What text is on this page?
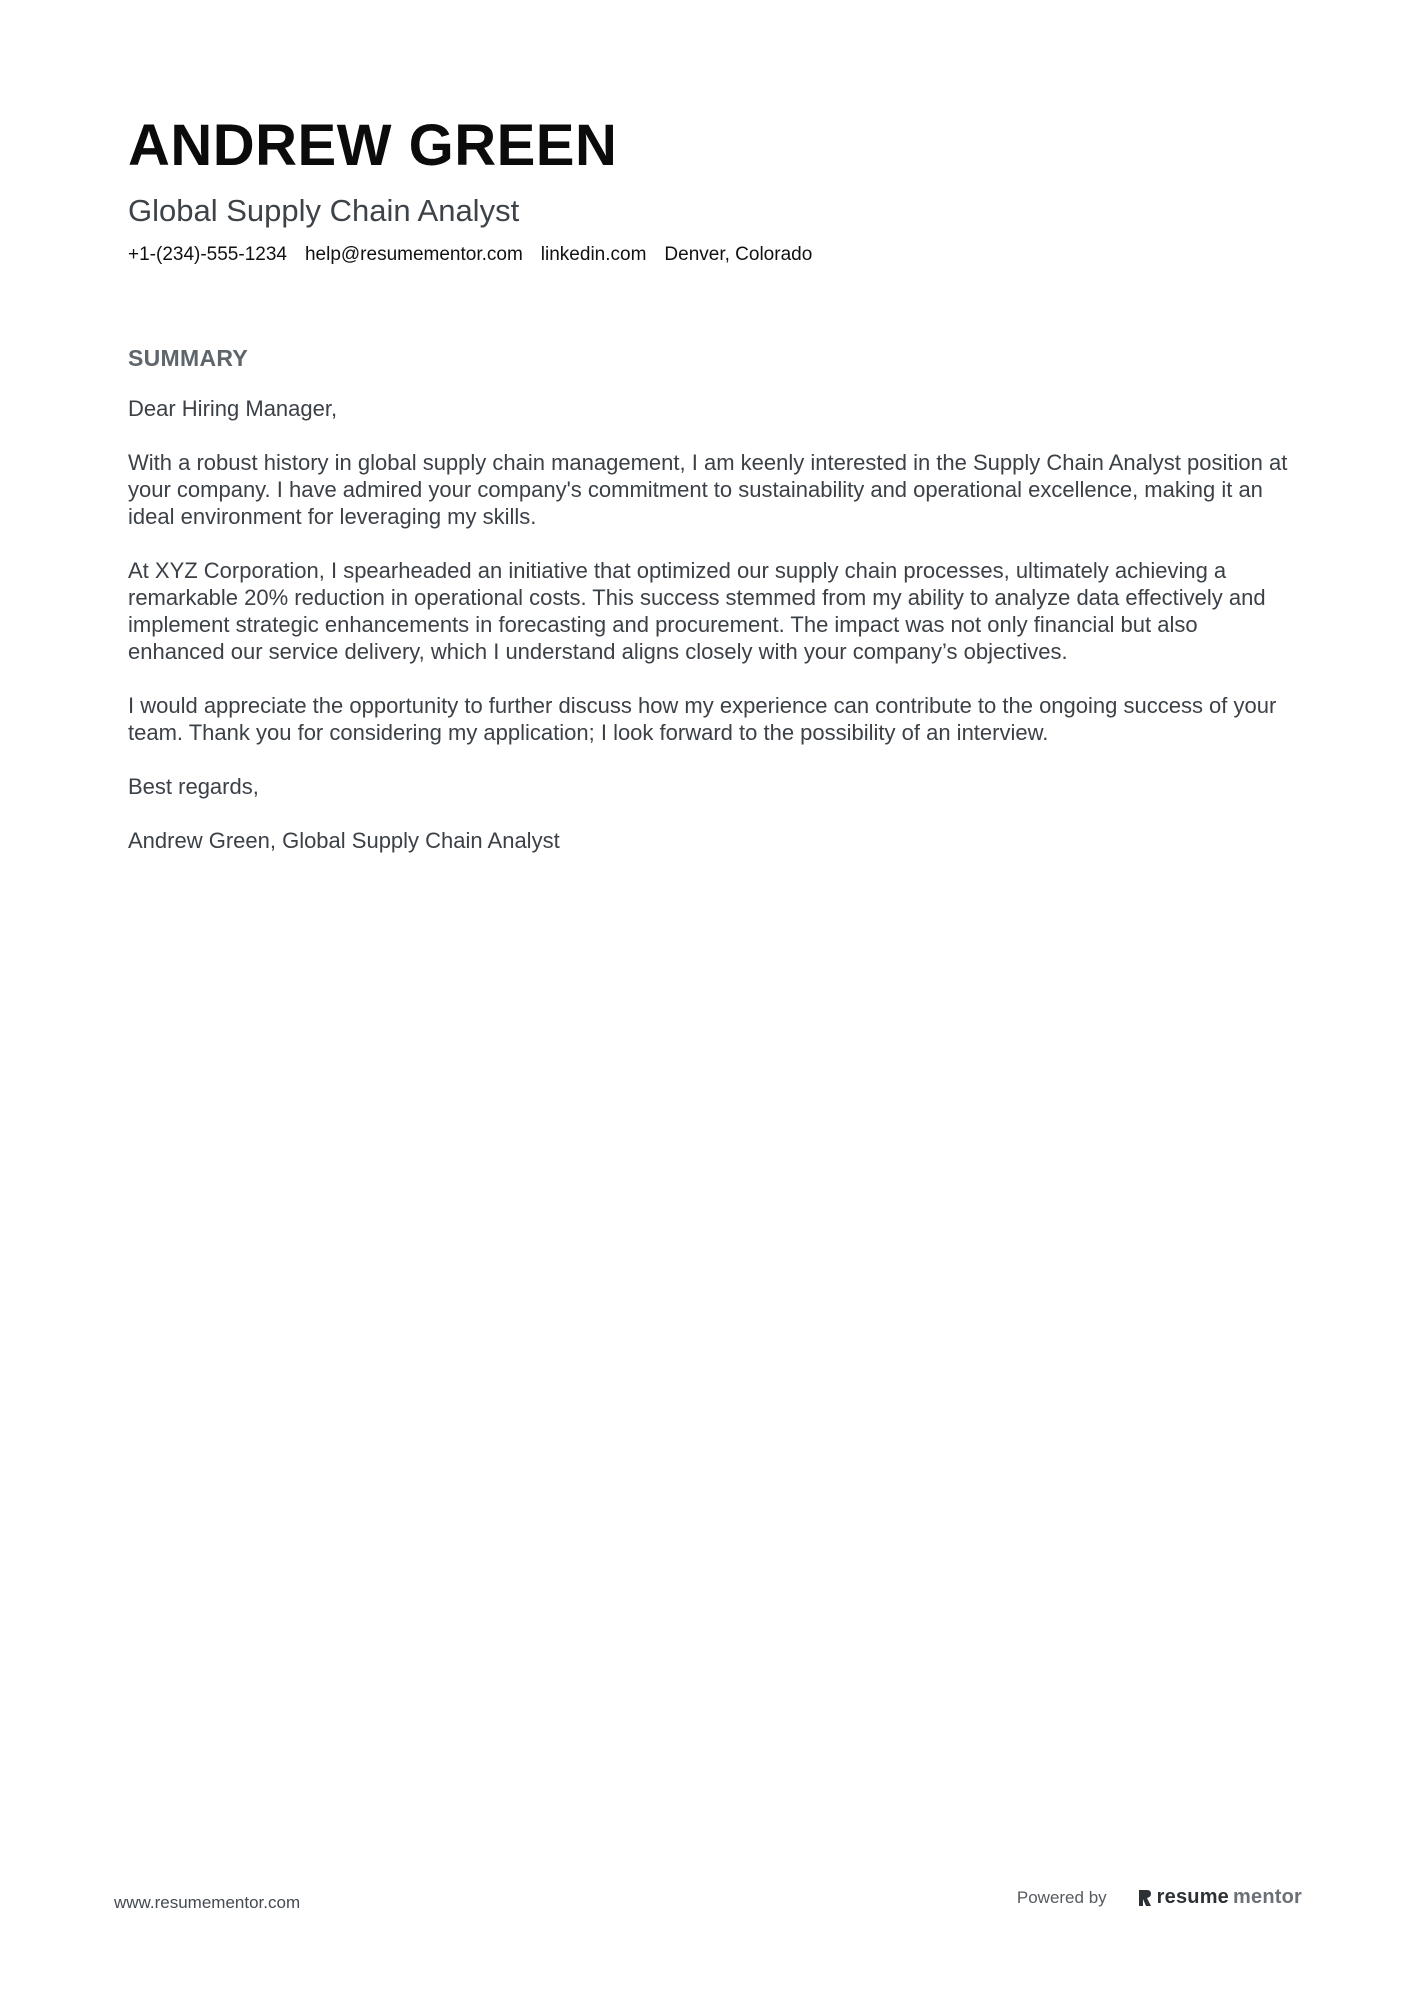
ANDREW GREEN
Global Supply Chain Analyst
+1-(234)-555-1234 help@resumementor.com linkedin.com Denver, Colorado
SUMMARY

Dear Hiring Manager,

With a robust history in global supply chain management, I am keenly interested in the Supply Chain Analyst position at your company. I have admired your company's commitment to sustainability and operational excellence, making it an ideal environment for leveraging my skills.

At XYZ Corporation, I spearheaded an initiative that optimized our supply chain processes, ultimately achieving a remarkable 20% reduction in operational costs. This success stemmed from my ability to analyze data effectively and implement strategic enhancements in forecasting and procurement. The impact was not only financial but also enhanced our service delivery, which I understand aligns closely with your company’s objectives.

I would appreciate the opportunity to further discuss how my experience can contribute to the ongoing success of your team. Thank you for considering my application; I look forward to the possibility of an interview.

Best regards,

Andrew Green, Global Supply Chain Analyst

www.resumementor.com	Powered by	resume mentor
